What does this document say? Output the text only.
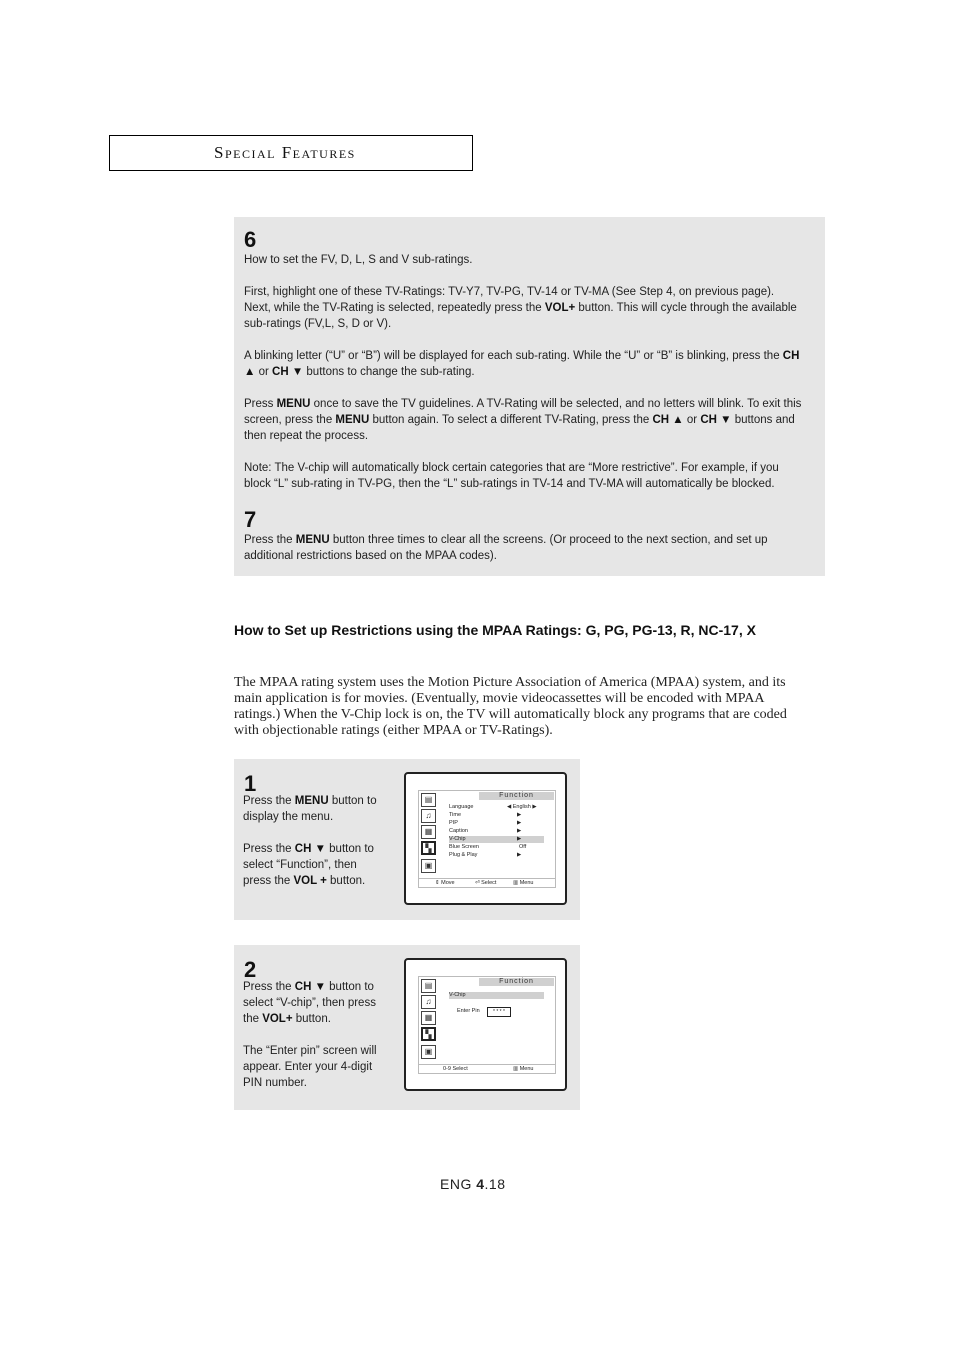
Special Features
6

How to set the FV, D, L, S and V sub-ratings.

First, highlight one of these TV-Ratings: TV-Y7, TV-PG, TV-14 or TV-MA (See Step 4, on previous page). Next, while the TV-Rating is selected, repeatedly press the VOL+ button. This will cycle through the available sub-ratings (FV,L, S, D or V).

A blinking letter (“U” or “B”) will be displayed for each sub-rating. While the “U” or “B” is blinking, press the CH ▲ or CH ▼ buttons to change the sub-rating.

Press MENU once to save the TV guidelines. A TV-Rating will be selected, and no letters will blink. To exit this screen, press the MENU button again. To select a different TV-Rating, press the CH ▲ or CH ▼ buttons and then repeat the process.

Note: The V-chip will automatically block certain categories that are “More restrictive”. For example, if you block “L” sub-rating in TV-PG, then the “L” sub-ratings in TV-14 and TV-MA will automatically be blocked.

7
Press the MENU button three times to clear all the screens. (Or proceed to the next section, and set up additional restrictions based on the MPAA codes).
How to Set up Restrictions using the MPAA Ratings: G, PG, PG-13, R, NC-17, X
The MPAA rating system uses the Motion Picture Association of America (MPAA) system, and its main application is for movies. (Eventually, movie videocassettes will be encoded with MPAA ratings.) When the V-Chip lock is on, the TV will automatically block any programs that are coded with objectionable ratings (either MPAA or TV-Ratings).
1

Press the MENU button to display the menu.

Press the CH ▼ button to select “Function”, then press the VOL + button.

▤
♫
▦
▚
▣
Function
Language	◀ English ▶
Time	▶
PIP	▶
Caption	▶
V-Chip	▶
Blue Screen	Off
Plug & Play	▶
⇕ Move	⏎ Select	▥ Menu
2

Press the CH ▼ button to select “V-chip”, then press the VOL+ button.

The “Enter pin” screen will appear. Enter your 4-digit PIN number.

▤
♫
▦
▚
▣
Function
V-Chip
Enter Pin	* * * *
0-9 Select	▥ Menu
ENG 4.18
